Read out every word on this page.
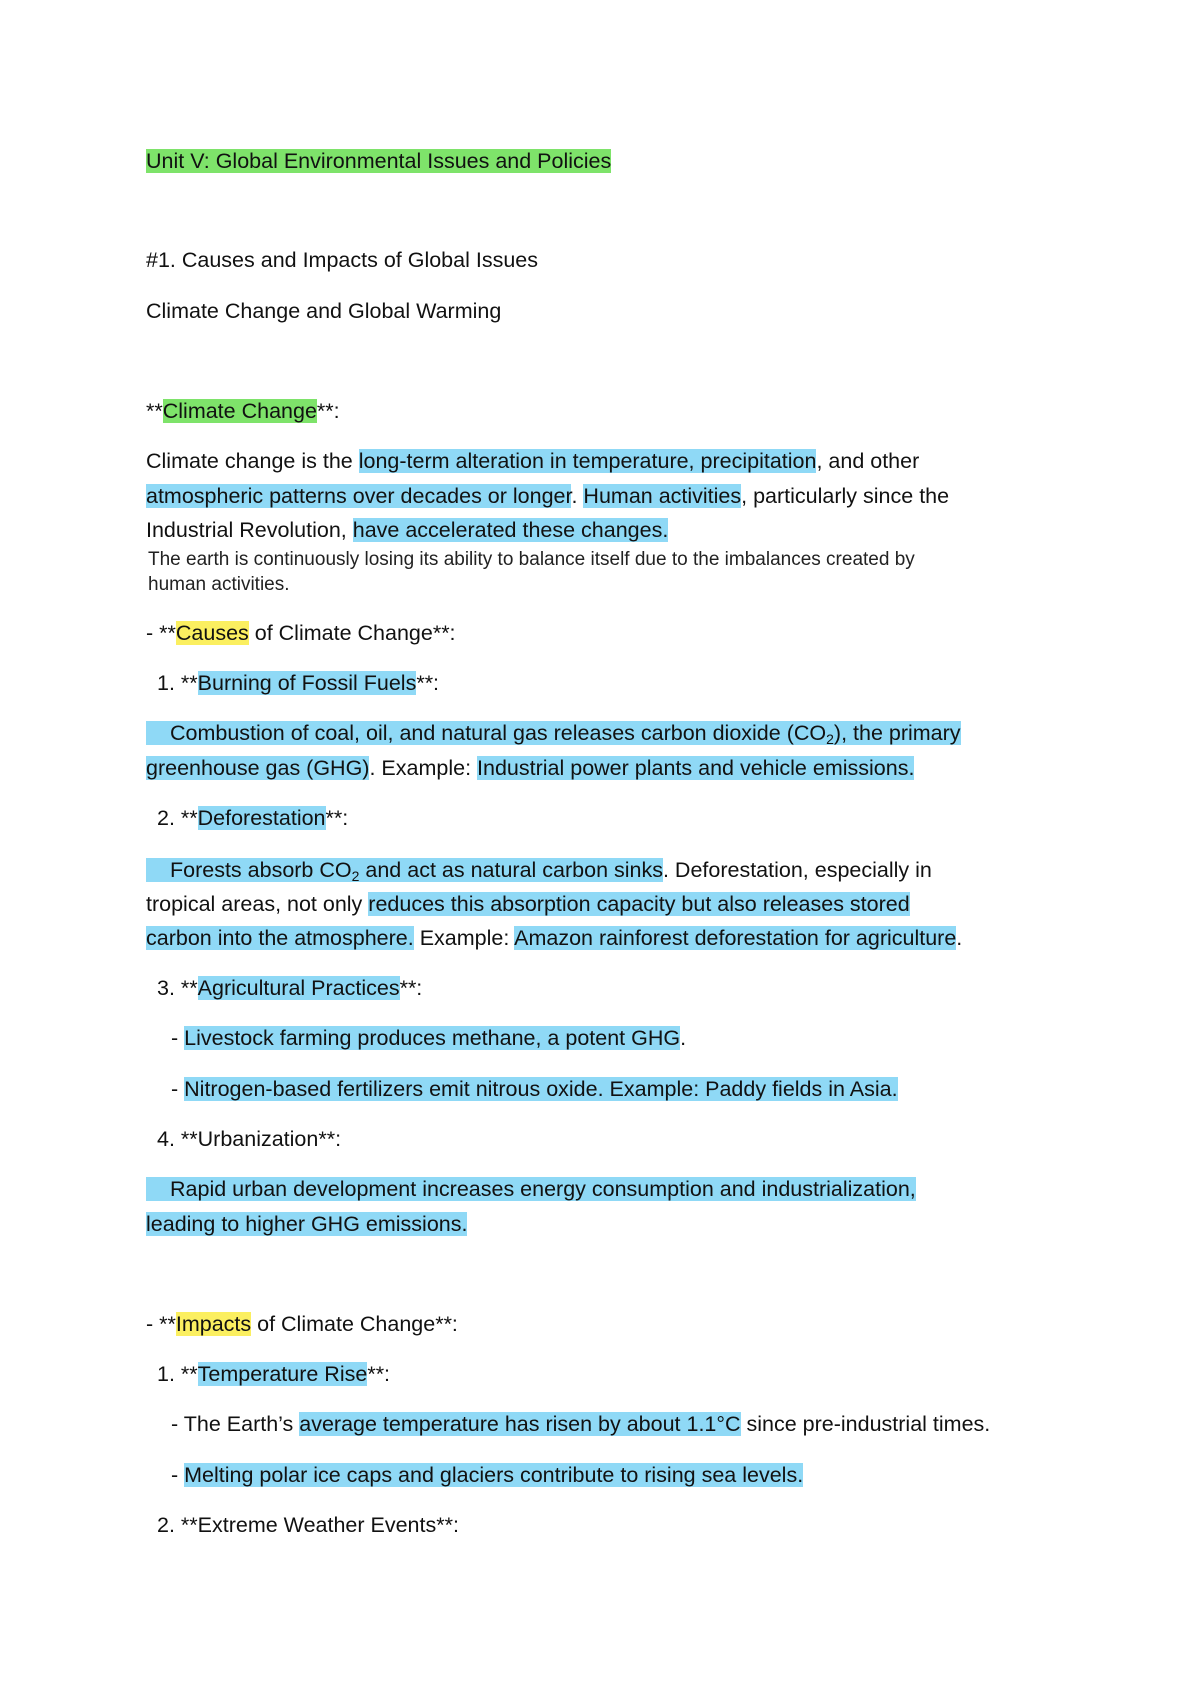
Unit V: Global Environmental Issues and Policies

#1. Causes and Impacts of Global Issues

Climate Change and Global Warming

**Climate Change**:

Climate change is the long-term alteration in temperature, precipitation, and other

atmospheric patterns over decades or longer. Human activities, particularly since the

Industrial Revolution, have accelerated these changes.

The earth is continuously losing its ability to balance itself due to the imbalances created by

human activities.

- **Causes of Climate Change**:

1. **Burning of Fossil Fuels**:

Combustion of coal, oil, and natural gas releases carbon dioxide $(CO_2)$, the primary

greenhouse gas (GHG). Example: Industrial power plants and vehicle emissions.

2. **Deforestation**:

Forests absorb $CO_2$ and act as natural carbon sinks. Deforestation, especially in

tropical areas, not only reduces this absorption capacity but also releases stored

carbon into the atmosphere. Example: Amazon rainforest deforestation for agriculture.

3. **Agricultural Practices**:

- Livestock farming produces methane, a potent GHG.

- Nitrogen-based fertilizers emit nitrous oxide. Example: Paddy fields in Asia.

4. **Urbanization**:

Rapid urban development increases energy consumption and industrialization,

leading to higher GHG emissions.

- **Impacts of Climate Change**:

1. **Temperature Rise**:

- The Earth’s average temperature has risen by about 1.1°C since pre-industrial times.

- Melting polar ice caps and glaciers contribute to rising sea levels.

2. **Extreme Weather Events**:
